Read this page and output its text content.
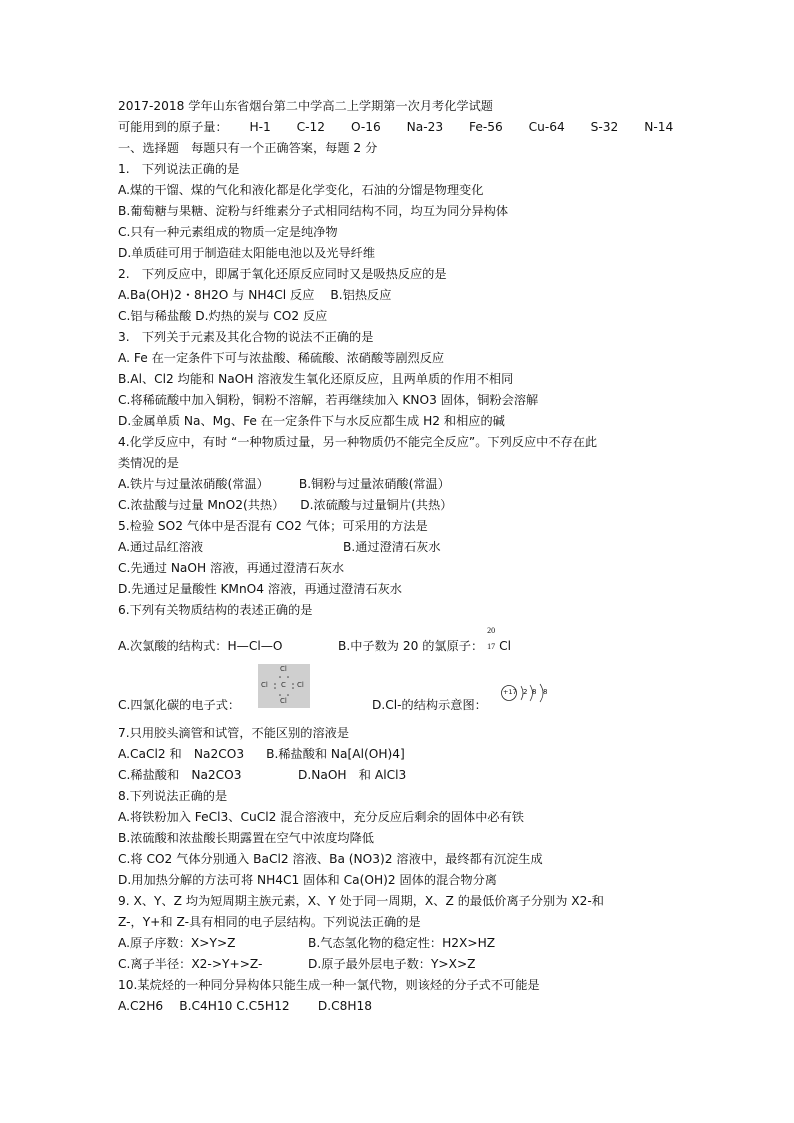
2017-2018 学年山东省烟台第二中学高二上学期第一次月考化学试题
可能用到的原子量： H-1 C-12 O-16 Na-23 Fe-56 Cu-64 S-32 N-14
一、选择题　每题只有一个正确答案，每题 2 分
1.　下列说法正确的是
A.煤的干馏、煤的气化和液化都是化学变化，石油的分馏是物理变化
B.葡萄糖与果糖、淀粉与纤维素分子式相同结构不同，均互为同分异构体
C.只有一种元素组成的物质一定是纯净物
D.单质硅可用于制造硅太阳能电池以及光导纤维
2.　下列反应中，即属于氧化还原反应同时又是吸热反应的是
A.Ba(OH)2・8H2O 与 NH4Cl 反应 B.铝热反应
C.铝与稀盐酸 D.灼热的炭与 CO2 反应
3.　下列关于元素及其化合物的说法不正确的是
A. Fe 在一定条件下可与浓盐酸、稀硫酸、浓硝酸等剧烈反应
B.Al、Cl2 均能和 NaOH 溶液发生氧化还原反应，且两单质的作用不相同
C.将稀硫酸中加入铜粉，铜粉不溶解，若再继续加入 KNO3 固体，铜粉会溶解
D.金属单质 Na、Mg、Fe 在一定条件下与水反应都生成 H2 和相应的碱
4.化学反应中，有时 “一种物质过量，另一种物质仍不能完全反应”。下列反应中不存在此
类情况的是
A.铁片与过量浓硝酸(常温） B.铜粉与过量浓硝酸(常温）
C.浓盐酸与过量 MnO2(共热） D.浓硫酸与过量铜片(共热）
5.检验 SO2 气体中是否混有 CO2 气体；可采用的方法是
A.通过品红溶液	B.通过澄清石灰水
C.先通过 NaOH 溶液，再通过澄清石灰水
D.先通过足量酸性 KMnO4 溶液，再通过澄清石灰水
6.下列有关物质结构的表述正确的是
A.次氯酸的结构式：H—Cl—O	B.中子数为 20 的氯原子：
20
17 Cl
C.四氯化碳的电子式：
Cl
Cl C Cl
Cl	D.Cl-的结构示意图：
+17 2 8 8
7.只用胶头滴管和试管，不能区别的溶液是
A.CaCl2 和　Na2CO3 B.稀盐酸和 Na[Al(OH)4]
C.稀盐酸和　Na2CO3	D.NaOH　和 AlCl3
8.下列说法正确的是
A.将铁粉加入 FeCl3、CuCl2 混合溶液中，充分反应后剩余的固体中必有铁
B.浓硫酸和浓盐酸长期露置在空气中浓度均降低
C.将 CO2 气体分别通入 BaCl2 溶液、Ba (NO3)2 溶液中，最终都有沉淀生成
D.用加热分解的方法可将 NH4C1 固体和 Ca(OH)2 固体的混合物分离
9. X、Y、Z 均为短周期主族元素，X、Y 处于同一周期，X、Z 的最低价离子分别为 X2-和
Z-，Y+和 Z-具有相同的电子层结构。下列说法正确的是
A.原子序数：X>Y>Z	B.气态氢化物的稳定性：H2X>HZ
C.离子半径：X2->Y+>Z-	D.原子最外层电子数：Y>X>Z
10.某烷烃的一种同分异构体只能生成一种一氯代物，则该烃的分子式不可能是
A.C2H6　 B.C4H10 C.C5H12　　 D.C8H18
